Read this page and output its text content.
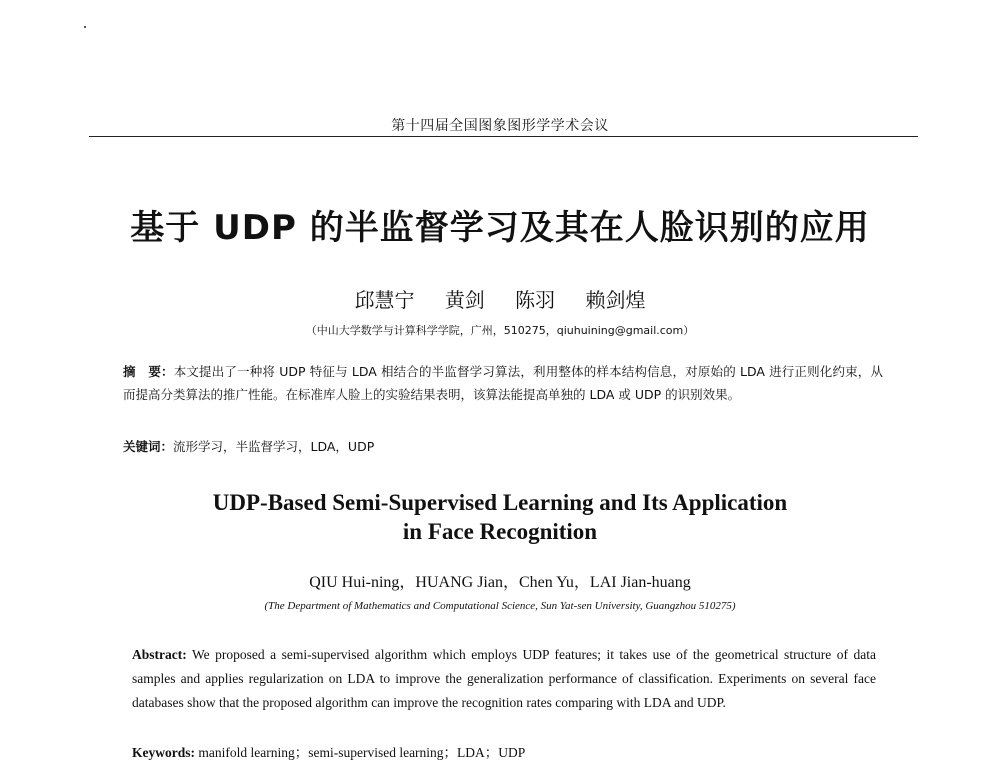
第十四届全国图象图形学学术会议
基于 UDP 的半监督学习及其在人脸识别的应用
邱慧宁 黄剑 陈羽 赖剑煌
（中山大学数学与计算科学学院，广州，510275，qiuhuining@gmail.com）
摘　要：本文提出了一种将 UDP 特征与 LDA 相结合的半监督学习算法，利用整体的样本结构信息，对原始的 LDA 进行正则化约束，从而提高分类算法的推广性能。在标准库人脸上的实验结果表明，该算法能提高单独的 LDA 或 UDP 的识别效果。
关键词：流形学习，半监督学习，LDA，UDP
UDP-Based Semi-Supervised Learning and Its Application
in Face Recognition
QIU Hui-ning，HUANG Jian，Chen Yu，LAI Jian-huang
(The Department of Mathematics and Computational Science, Sun Yat-sen University, Guangzhou 510275)
Abstract: We proposed a semi-supervised algorithm which employs UDP features; it takes use of the geometrical structure of data samples and applies regularization on LDA to improve the generalization performance of classification. Experiments on several face databases show that the proposed algorithm can improve the recognition rates comparing with LDA and UDP.
Keywords: manifold learning；semi-supervised learning；LDA；UDP
